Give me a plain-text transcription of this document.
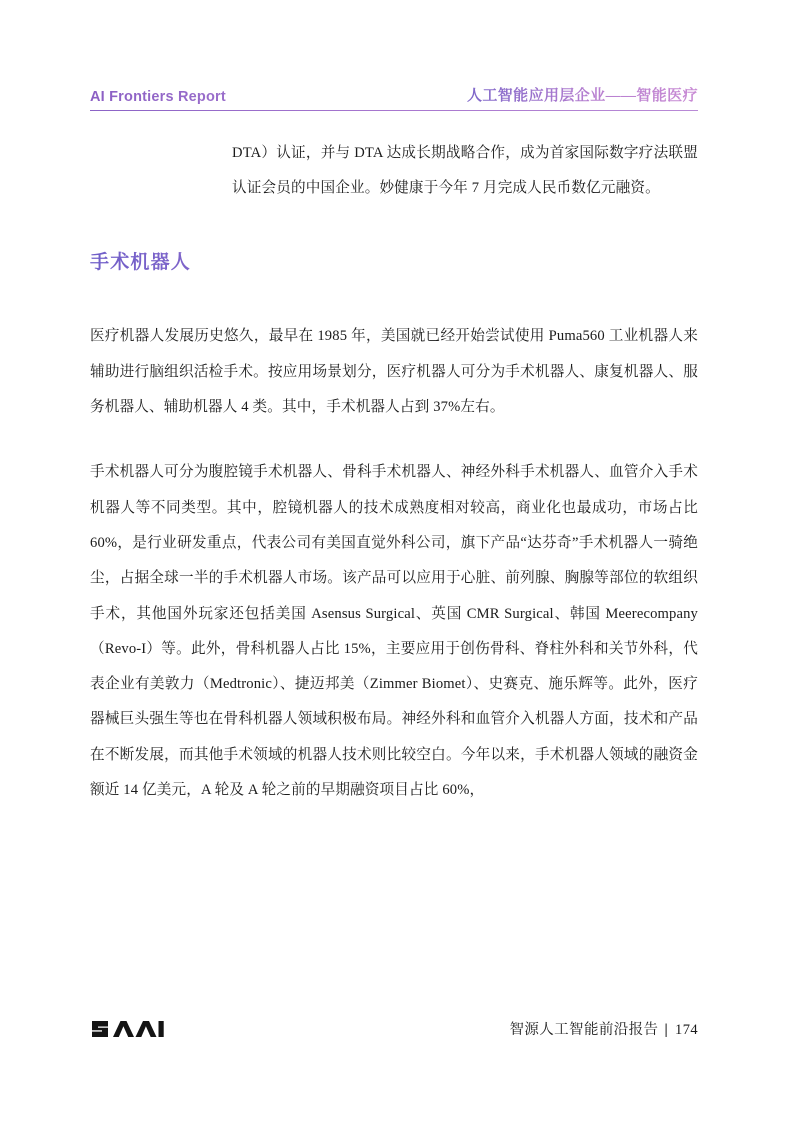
AI Frontiers Report	人工智能应用层企业——智能医疗

DTA）认证，并与 DTA 达成长期战略合作，成为首家国际数字疗法联盟认证会员的中国企业。妙健康于今年 7 月完成人民币数亿元融资。

手术机器人

医疗机器人发展历史悠久，最早在 1985 年，美国就已经开始尝试使用 Puma560 工业机器人来辅助进行脑组织活检手术。按应用场景划分，医疗机器人可分为手术机器人、康复机器人、服务机器人、辅助机器人 4 类。其中，手术机器人占到 37%左右。

手术机器人可分为腹腔镜手术机器人、骨科手术机器人、神经外科手术机器人、血管介入手术机器人等不同类型。其中，腔镜机器人的技术成熟度相对较高，商业化也最成功，市场占比 60%，是行业研发重点，代表公司有美国直觉外科公司，旗下产品“达芬奇”手术机器人一骑绝尘，占据全球一半的手术机器人市场。该产品可以应用于心脏、前列腺、胸腺等部位的软组织手术，其他国外玩家还包括美国 Asensus Surgical、英国 CMR Surgical、韩国 Meerecompany（Revo-I）等。此外，骨科机器人占比 15%，主要应用于创伤骨科、脊柱外科和关节外科，代表企业有美敦力（Medtronic）、捷迈邦美（Zimmer Biomet）、史赛克、施乐辉等。此外，医疗器械巨头强生等也在骨科机器人领域积极布局。神经外科和血管介入机器人方面，技术和产品在不断发展，而其他手术领域的机器人技术则比较空白。今年以来，手术机器人领域的融资金额近 14 亿美元，A 轮及 A 轮之前的早期融资项目占比 60%，

智源人工智能前沿报告 | 174
